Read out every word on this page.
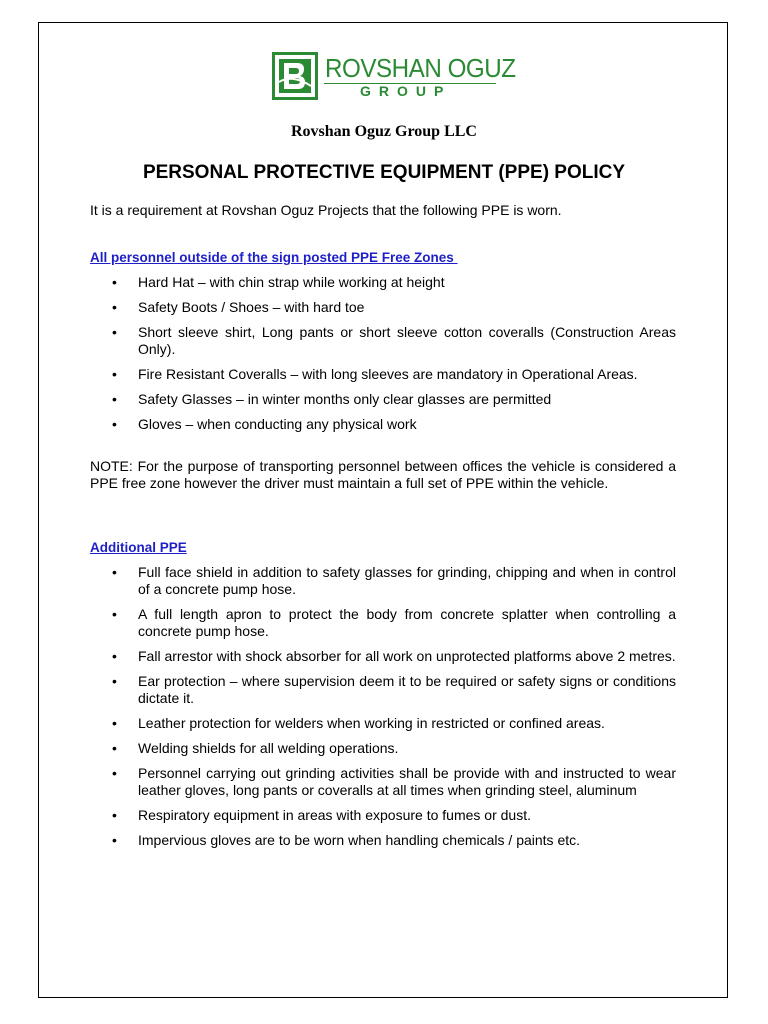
ROVSHAN OGUZ
GROUP
Rovshan Oguz Group LLC
PERSONAL PROTECTIVE EQUIPMENT (PPE) POLICY
It is a requirement at Rovshan Oguz Projects that the following PPE is worn.
All personnel outside of the sign posted PPE Free Zones
• Hard Hat – with chin strap while working at height
• Safety Boots / Shoes – with hard toe
• Short sleeve shirt, Long pants or short sleeve cotton coveralls (Construction Areas Only).
• Fire Resistant Coveralls – with long sleeves are mandatory in Operational Areas.
• Safety Glasses – in winter months only clear glasses are permitted
• Gloves – when conducting any physical work
NOTE: For the purpose of transporting personnel between offices the vehicle is considered a PPE free zone however the driver must maintain a full set of PPE within the vehicle.
Additional PPE
• Full face shield in addition to safety glasses for grinding, chipping and when in control of a concrete pump hose.
• A full length apron to protect the body from concrete splatter when controlling a concrete pump hose.
• Fall arrestor with shock absorber for all work on unprotected platforms above 2 metres.
• Ear protection – where supervision deem it to be required or safety signs or conditions dictate it.
• Leather protection for welders when working in restricted or confined areas.
• Welding shields for all welding operations.
• Personnel carrying out grinding activities shall be provide with and instructed to wear leather gloves, long pants or coveralls at all times when grinding steel, aluminum
• Respiratory equipment in areas with exposure to fumes or dust.
• Impervious gloves are to be worn when handling chemicals / paints etc.
